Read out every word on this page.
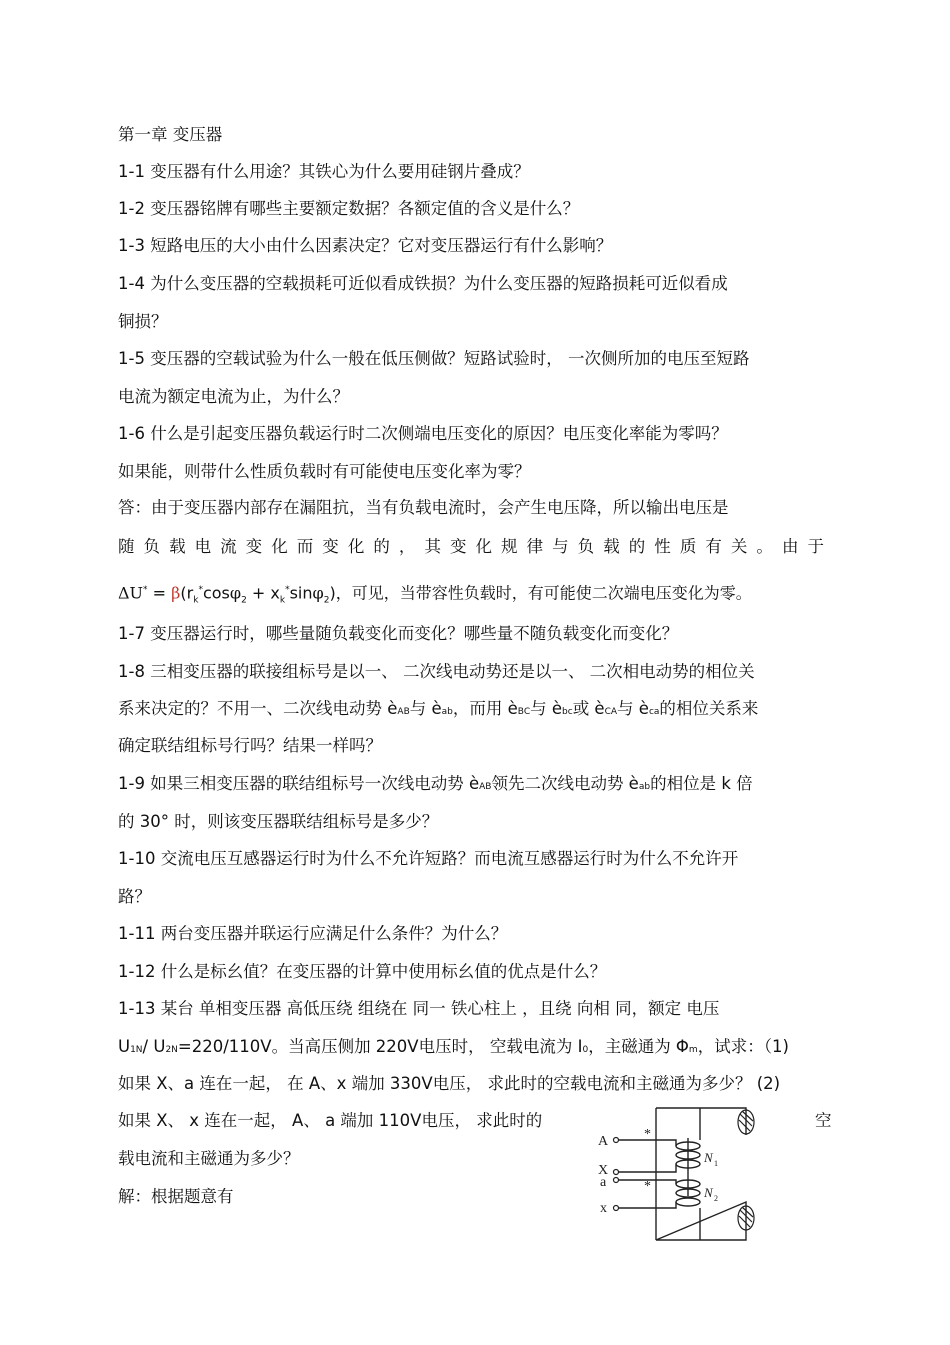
第一章 变压器
1-1 变压器有什么用途？其铁心为什么要用硅钢片叠成？
1-2 变压器铭牌有哪些主要额定数据？各额定值的含义是什么？
1-3 短路电压的大小由什么因素决定？它对变压器运行有什么影响？
1-4 为什么变压器的空载损耗可近似看成铁损？为什么变压器的短路损耗可近似看成
铜损？
1-5 变压器的空载试验为什么一般在低压侧做？短路试验时， 一次侧所加的电压至短路
电流为额定电流为止，为什么？
1-6 什么是引起变压器负载运行时二次侧端电压变化的原因？电压变化率能为零吗？
如果能，则带什么性质负载时有可能使电压变化率为零？
答：由于变压器内部存在漏阻抗，当有负载电流时，会产生电压降，所以输出电压是
随负载电流变化而变化的，其变化规律与负载的性质有关。由于
$\Delta U^* = \beta(r_k^*\cos\varphi_2 + x_k^*\sin\varphi_2)$，可见，当带容性负载时，有可能使二次端电压变化为零。
1-7 变压器运行时，哪些量随负载变化而变化？哪些量不随负载变化而变化？
1-8 三相变压器的联接组标号是以一、 二次线电动势还是以一、 二次相电动势的相位关
系来决定的？不用一、二次线电动势 èAB与 èab，而用 èBC与 èbc或 èCA与 èca的相位关系来
确定联结组标号行吗？结果一样吗？
1-9 如果三相变压器的联结组标号一次线电动势 èAB领先二次线电动势 èab的相位是 k 倍
的 30° 时，则该变压器联结组标号是多少？
1-10 交流电压互感器运行时为什么不允许短路？而电流互感器运行时为什么不允许开
路？
1-11 两台变压器并联运行应满足什么条件？为什么？
1-12 什么是标幺值？在变压器的计算中使用标幺值的优点是什么？
1-13 某台 单相变压器 高低压绕 组绕在 同一 铁心柱上 ，且绕 向相 同，额定 电压
U1N/ U2N=220/110V。当高压侧加 220V电压时， 空载电流为 I0，主磁通为 Φm，试求：（1)
如果 X、a 连在一起， 在 A、x 端加 330V电压， 求此时的空载电流和主磁通为多少？ (2)
如果 X、 x 连在一起， A、 a 端加 110V电压， 求此时的	空
载电流和主磁通为多少？
解：根据题意有
A
X
a
x
*
*
N 1
N 2
